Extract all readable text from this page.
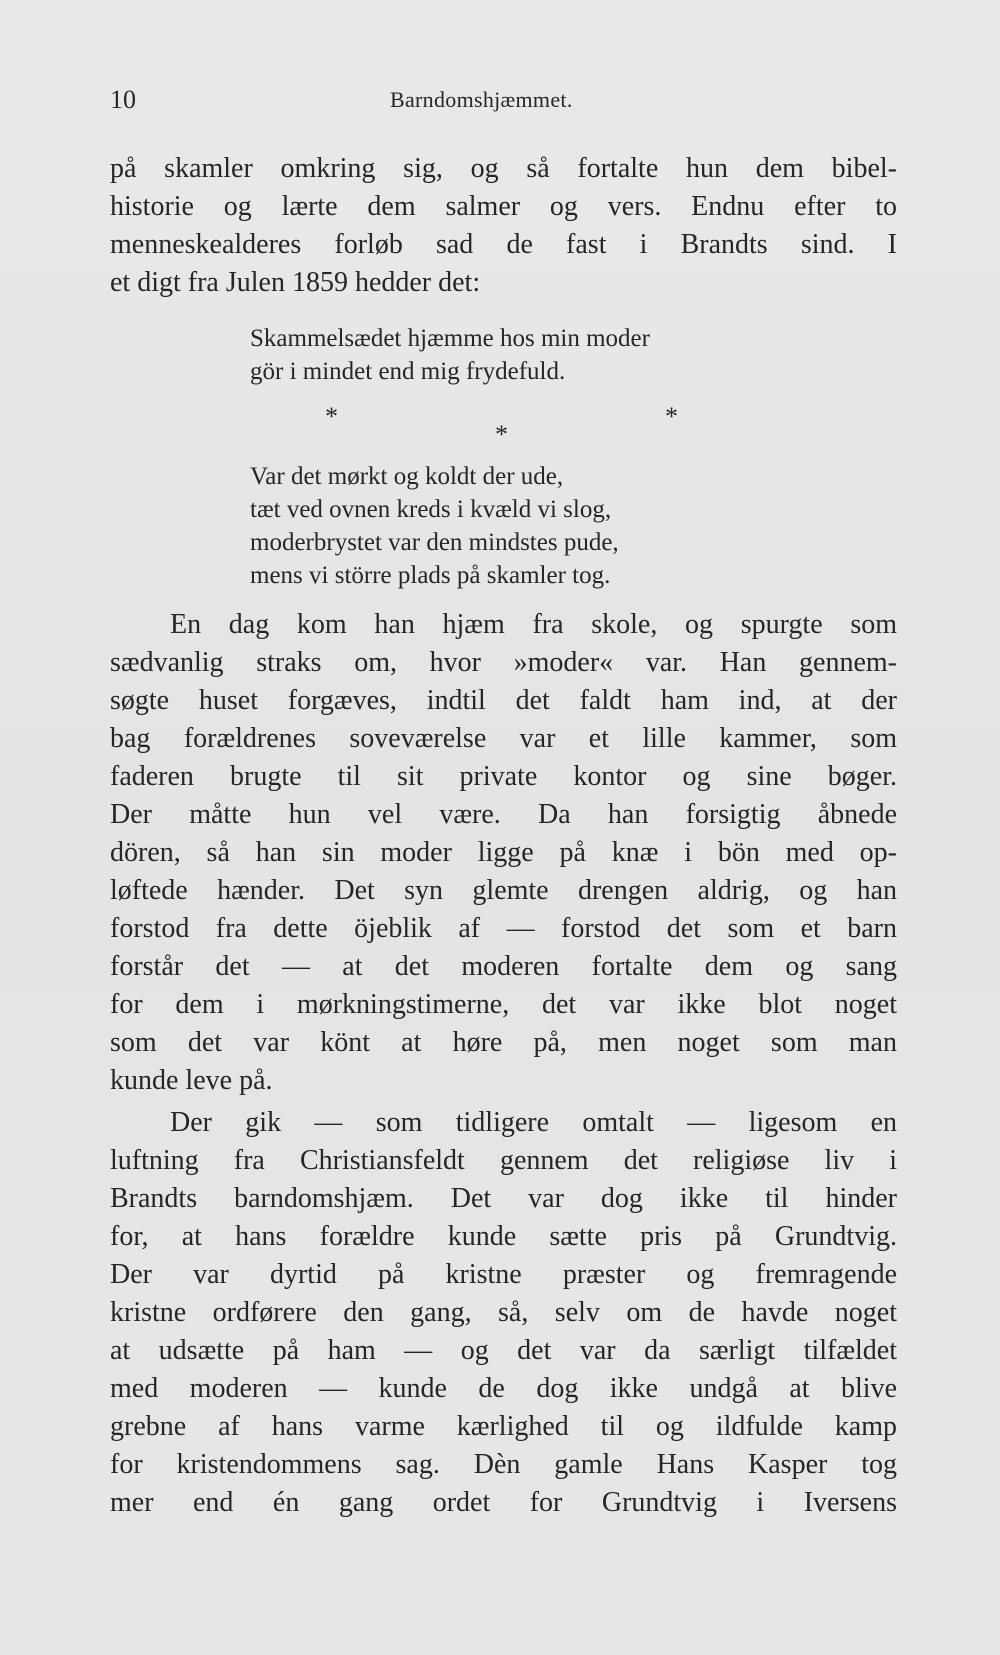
10	Barndomshjæmmet.
på skamler omkring sig, og så fortalte hun dem bibel-
historie og lærte dem salmer og vers. Endnu efter to
menneskealderes forløb sad de fast i Brandts sind. I
et digt fra Julen 1859 hedder det:
Skammelsædet hjæmme hos min moder
gör i mindet end mig frydefuld.
*	*
*
Var det mørkt og koldt der ude,
tæt ved ovnen kreds i kvæld vi slog,
moderbrystet var den mindstes pude,
mens vi större plads på skamler tog.
En dag kom han hjæm fra skole, og spurgte som
sædvanlig straks om, hvor »moder« var. Han gennem-
søgte huset forgæves, indtil det faldt ham ind, at der
bag forældrenes soveværelse var et lille kammer, som
faderen brugte til sit private kontor og sine bøger.
Der måtte hun vel være. Da han forsigtig åbnede
dören, så han sin moder ligge på knæ i bön med op-
løftede hænder. Det syn glemte drengen aldrig, og han
forstod fra dette öjeblik af — forstod det som et barn
forstår det — at det moderen fortalte dem og sang
for dem i mørkningstimerne, det var ikke blot noget
som det var könt at høre på, men noget som man
kunde leve på.
Der gik — som tidligere omtalt — ligesom en
luftning fra Christiansfeldt gennem det religiøse liv i
Brandts barndomshjæm. Det var dog ikke til hinder
for, at hans forældre kunde sætte pris på Grundtvig.
Der var dyrtid på kristne præster og fremragende
kristne ordførere den gang, så, selv om de havde noget
at udsætte på ham — og det var da særligt tilfældet
med moderen — kunde de dog ikke undgå at blive
grebne af hans varme kærlighed til og ildfulde kamp
for kristendommens sag. Dèn gamle Hans Kasper tog
mer end én gang ordet for Grundtvig i Iversens
